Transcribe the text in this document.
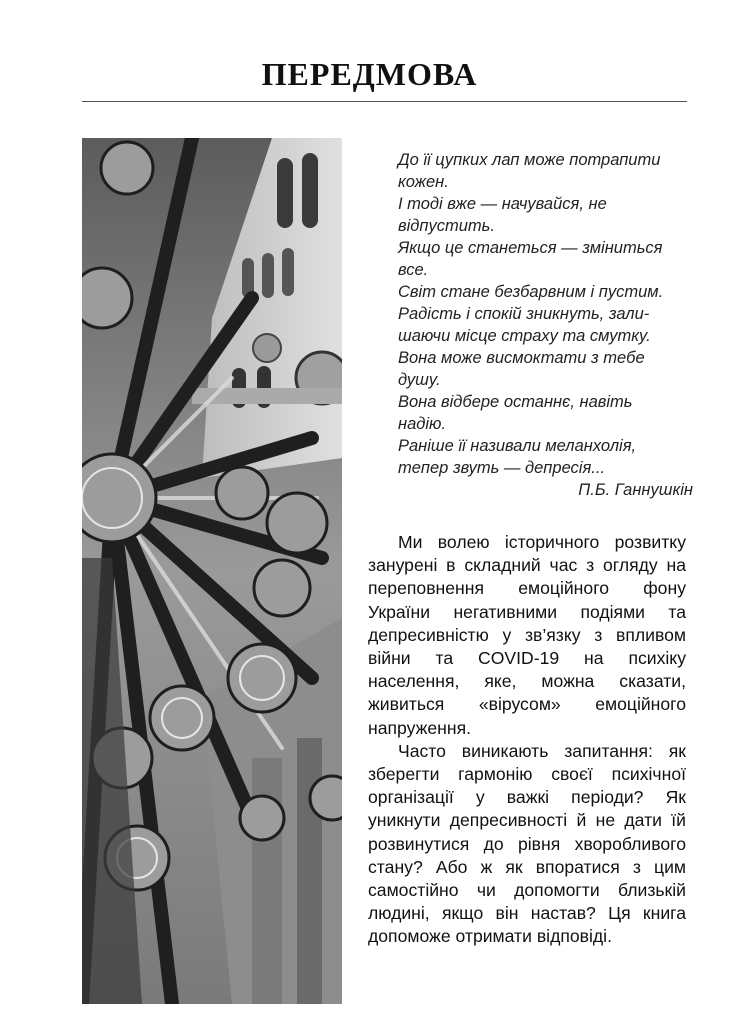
ПЕРЕДМОВА

До її цупких лап може потрапити

кожен.

І тоді вже — начувайся, не

відпустить.

Якщо це станеться — зміниться

все.

Світ стане безбарвним і пустим.

Радість і спокій зникнуть, зали-

шаючи місце страху та смутку.

Вона може висмоктати з тебе

душу.

Вона відбере останнє, навіть

надію.

Раніше її називали меланхолія,

тепер звуть — депресія...

П.Б. Ганнушкін

Ми волею історичного розвитку занурені в складний час з огляду на переповнення емоційного фону України негативними подіями та депресивністю у зв’язку з впливом війни та COVID-19 на психіку населення, яке, можна сказати, живиться «вірусом» емоційного напруження.

Часто виникають запитання: як зберегти гармонію своєї психічної організації у важкі періоди? Як уникнути депресивності й не дати їй розвинутися до рівня хворобливого стану? Або ж як впоратися з цим самостійно чи допомогти близькій людині, якщо він настав? Ця книга допоможе отримати відповіді.
